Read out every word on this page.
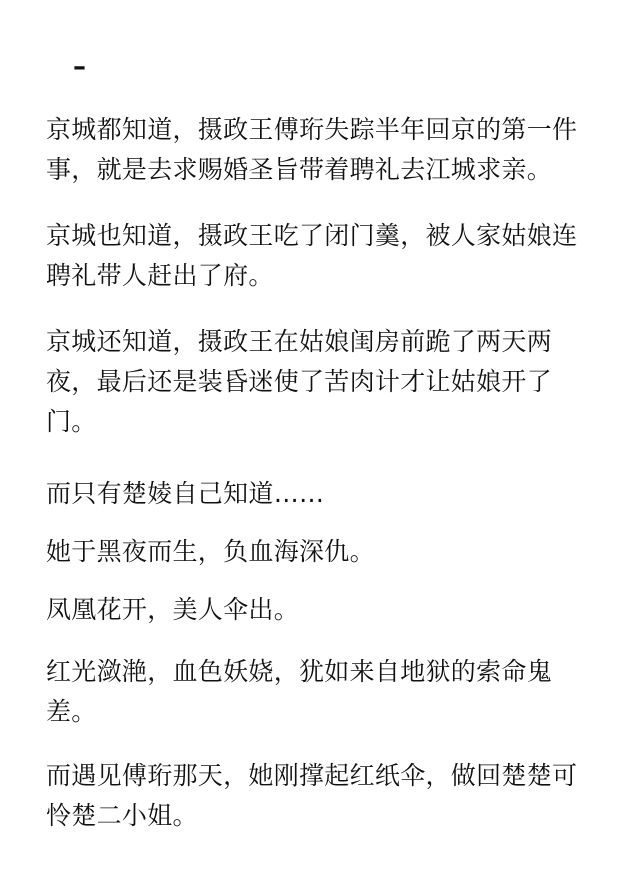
–

京城都知道，摄政王傅珩失踪半年回京的第一件
事，就是去求赐婚圣旨带着聘礼去江城求亲。

京城也知道，摄政王吃了闭门羹，被人家姑娘连
聘礼带人赶出了府。

京城还知道，摄政王在姑娘闺房前跪了两天两
夜，最后还是装昏迷使了苦肉计才让姑娘开了
门。

而只有楚婈自己知道……

她于黑夜而生，负血海深仇。

凤凰花开，美人伞出。

红光潋滟，血色妖娆，犹如来自地狱的索命鬼
差。

而遇见傅珩那天，她刚撑起红纸伞，做回楚楚可
怜楚二小姐。
